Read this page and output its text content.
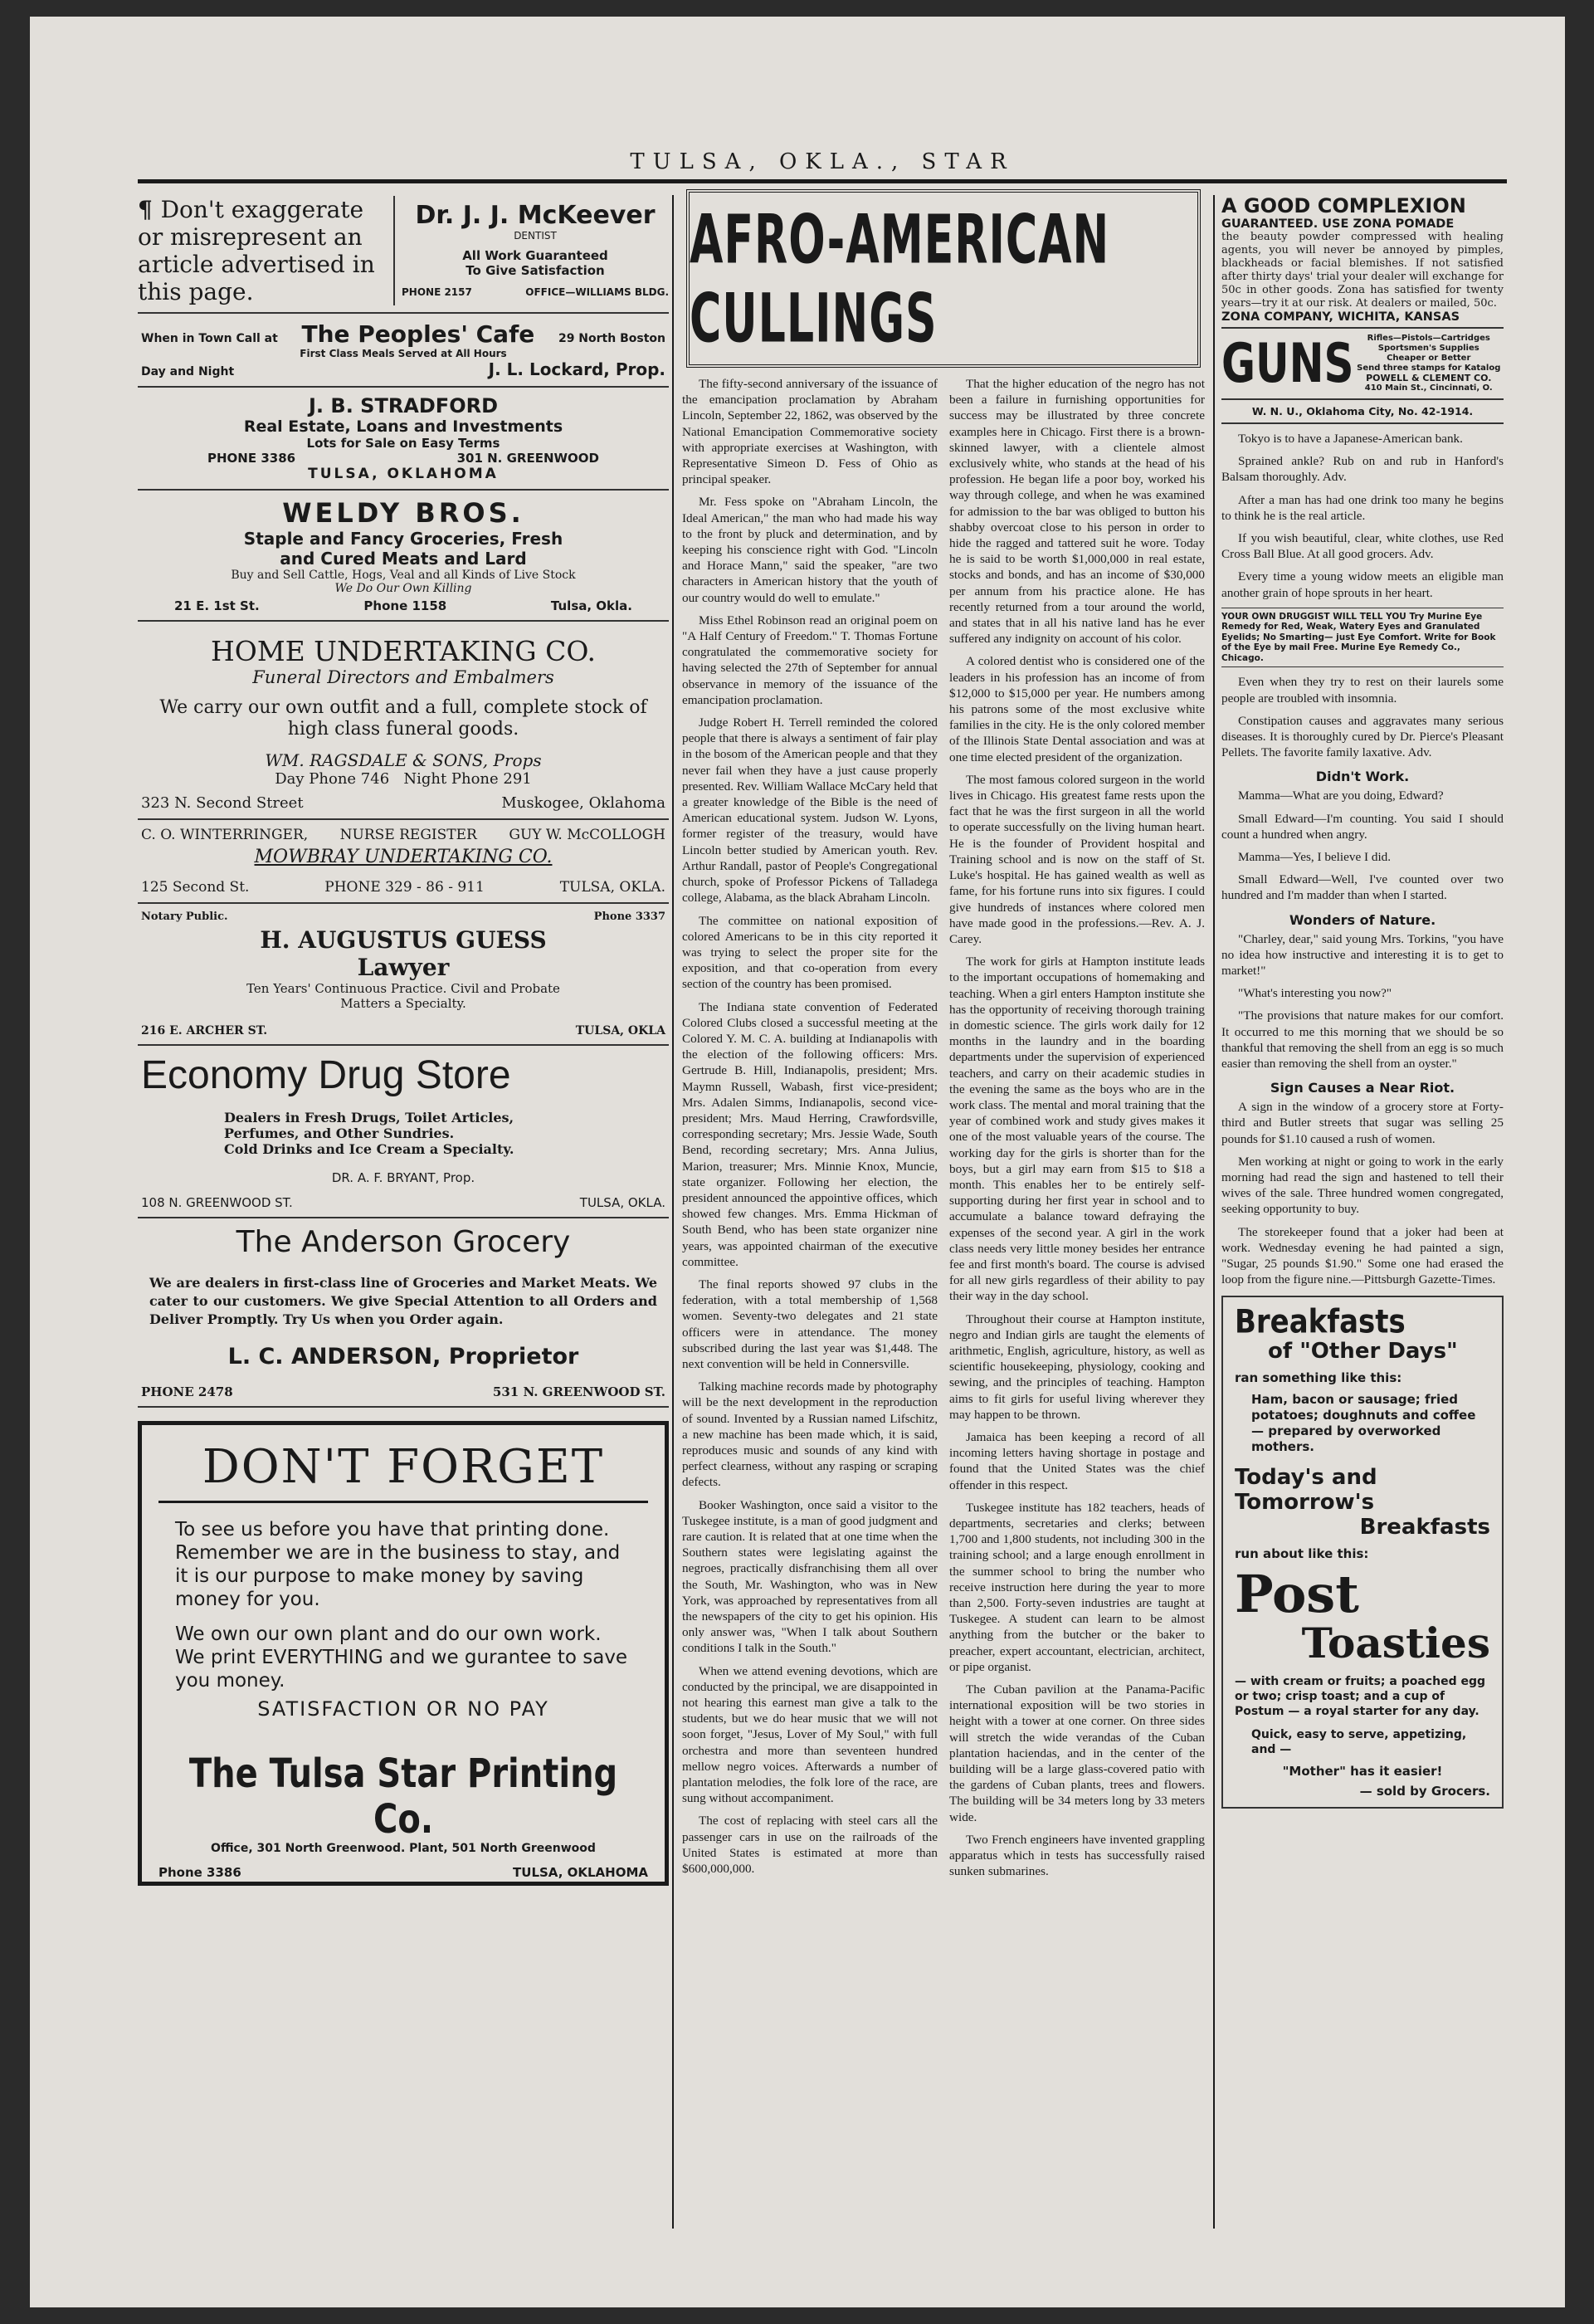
TULSA, OKLA., STAR
¶ Don't exaggerate or misrepresent an article advertised in this page.
Dr. J. J. McKeever
DENTIST
All Work Guaranteed
To Give Satisfaction
PHONE 2157	OFFICE—WILLIAMS BLDG.
When in Town Call at The Peoples' Cafe 29 North Boston
First Class Meals Served at All Hours
Day and Night	J. L. Lockard, Prop.
J. B. STRADFORD
Real Estate, Loans and Investments
Lots for Sale on Easy Terms
PHONE 3386	301 N. GREENWOOD
TULSA, OKLAHOMA
WELDY BROS.
Staple and Fancy Groceries, Fresh
and Cured Meats and Lard
Buy and Sell Cattle, Hogs, Veal and all Kinds of Live Stock
We Do Our Own Killing
21 E. 1st St.	Phone 1158	Tulsa, Okla.
HOME UNDERTAKING CO.
Funeral Directors and Embalmers
We carry our own outfit and a full, complete stock of high class funeral goods.
WM. RAGSDALE & SONS, Props
Day Phone 746   Night Phone 291
323 N. Second Street	Muskogee, Oklahoma
C. O. WINTERRINGER, NURSE REGISTER GUY W. McCOLLOGH
MOWBRAY UNDERTAKING CO.
125 Second St.	PHONE 329 - 86 - 911	TULSA, OKLA.
Notary Public.	Phone 3337
H. AUGUSTUS GUESS
Lawyer
Ten Years' Continuous Practice. Civil and Probate
Matters a Specialty.
216 E. ARCHER ST.	TULSA, OKLA
Economy Drug Store
Dealers in Fresh Drugs, Toilet Articles,
Perfumes, and Other Sundries.
Cold Drinks and Ice Cream a Specialty.
DR. A. F. BRYANT, Prop.
108 N. GREENWOOD ST.	TULSA, OKLA.
The Anderson Grocery
We are dealers in first-class line of Groceries and Market Meats. We cater to our customers. We give Special Attention to all Orders and Deliver Promptly. Try Us when you Order again.
L. C. ANDERSON, Proprietor
PHONE 2478	531 N. GREENWOOD ST.
DON'T FORGET
To see us before you have that printing done. Remember we are in the business to stay, and it is our purpose to make money by saving money for you.
We own our own plant and do our own work. We print EVERYTHING and we gurantee to save you money.
SATISFACTION OR NO PAY
The Tulsa Star Printing Co.
Office, 301 North Greenwood. Plant, 501 North Greenwood
Phone 3386	TULSA, OKLAHOMA
AFRO-AMERICAN CULLINGS

The fifty-second anniversary of the issuance of the emancipation proclamation by Abraham Lincoln, September 22, 1862, was observed by the National Emancipation Commemorative society with appropriate exercises at Washington, with Representative Simeon D. Fess of Ohio as principal speaker.

Mr. Fess spoke on "Abraham Lincoln, the Ideal American," the man who had made his way to the front by pluck and determination, and by keeping his conscience right with God. "Lincoln and Horace Mann," said the speaker, "are two characters in American history that the youth of our country would do well to emulate."

Miss Ethel Robinson read an original poem on "A Half Century of Freedom." T. Thomas Fortune congratulated the commemorative society for having selected the 27th of September for annual observance in memory of the issuance of the emancipation proclamation.

Judge Robert H. Terrell reminded the colored people that there is always a sentiment of fair play in the bosom of the American people and that they never fail when they have a just cause properly presented. Rev. William Wallace McCary held that a greater knowledge of the Bible is the need of American educational system. Judson W. Lyons, former register of the treasury, would have Lincoln better studied by American youth. Rev. Arthur Randall, pastor of People's Congregational church, spoke of Professor Pickens of Talladega college, Alabama, as the black Abraham Lincoln.

The committee on national exposition of colored Americans to be in this city reported it was trying to select the proper site for the exposition, and that co-operation from every section of the country has been promised.

The Indiana state convention of Federated Colored Clubs closed a successful meeting at the Colored Y. M. C. A. building at Indianapolis with the election of the following officers: Mrs. Gertrude B. Hill, Indianapolis, president; Mrs. Maymn Russell, Wabash, first vice-president; Mrs. Adalen Simms, Indianapolis, second vice-president; Mrs. Maud Herring, Crawfordsville, corresponding secretary; Mrs. Jessie Wade, South Bend, recording secretary; Mrs. Anna Julius, Marion, treasurer; Mrs. Minnie Knox, Muncie, state organizer. Following her election, the president announced the appointive offices, which showed few changes. Mrs. Emma Hickman of South Bend, who has been state organizer nine years, was appointed chairman of the executive committee.

The final reports showed 97 clubs in the federation, with a total membership of 1,568 women. Seventy-two delegates and 21 state officers were in attendance. The money subscribed during the last year was $1,448. The next convention will be held in Connersville.

Talking machine records made by photography will be the next development in the reproduction of sound. Invented by a Russian named Lifschitz, a new machine has been made which, it is said, reproduces music and sounds of any kind with perfect clearness, without any rasping or scraping defects.

Booker Washington, once said a visitor to the Tuskegee institute, is a man of good judgment and rare caution. It is related that at one time when the Southern states were legislating against the negroes, practically disfranchising them all over the South, Mr. Washington, who was in New York, was approached by representatives from all the newspapers of the city to get his opinion. His only answer was, "When I talk about Southern conditions I talk in the South."

When we attend evening devotions, which are conducted by the principal, we are disappointed in not hearing this earnest man give a talk to the students, but we do hear music that we will not soon forget, "Jesus, Lover of My Soul," with full orchestra and more than seventeen hundred mellow negro voices. Afterwards a number of plantation melodies, the folk lore of the race, are sung without accompaniment.

The cost of replacing with steel cars all the passenger cars in use on the railroads of the United States is estimated at more than $600,000,000.

That the higher education of the negro has not been a failure in furnishing opportunities for success may be illustrated by three concrete examples here in Chicago. First there is a brown-skinned lawyer, with a clientele almost exclusively white, who stands at the head of his profession. He began life a poor boy, worked his way through college, and when he was examined for admission to the bar was obliged to button his shabby overcoat close to his person in order to hide the ragged and tattered suit he wore. Today he is said to be worth $1,000,000 in real estate, stocks and bonds, and has an income of $30,000 per annum from his practice alone. He has recently returned from a tour around the world, and states that in all his native land has he ever suffered any indignity on account of his color.

A colored dentist who is considered one of the leaders in his profession has an income of from $12,000 to $15,000 per year. He numbers among his patrons some of the most exclusive white families in the city. He is the only colored member of the Illinois State Dental association and was at one time elected president of the organization.

The most famous colored surgeon in the world lives in Chicago. His greatest fame rests upon the fact that he was the first surgeon in all the world to operate successfully on the living human heart. He is the founder of Provident hospital and Training school and is now on the staff of St. Luke's hospital. He has gained wealth as well as fame, for his fortune runs into six figures. I could give hundreds of instances where colored men have made good in the professions.—Rev. A. J. Carey.

The work for girls at Hampton institute leads to the important occupations of homemaking and teaching. When a girl enters Hampton institute she has the opportunity of receiving thorough training in domestic science. The girls work daily for 12 months in the laundry and in the boarding departments under the supervision of experienced teachers, and carry on their academic studies in the evening the same as the boys who are in the work class. The mental and moral training that the year of combined work and study gives makes it one of the most valuable years of the course. The working day for the girls is shorter than for the boys, but a girl may earn from $15 to $18 a month. This enables her to be entirely self-supporting during her first year in school and to accumulate a balance toward defraying the expenses of the second year. A girl in the work class needs very little money besides her entrance fee and first month's board. The course is advised for all new girls regardless of their ability to pay their way in the day school.

Throughout their course at Hampton institute, negro and Indian girls are taught the elements of arithmetic, English, agriculture, history, as well as scientific housekeeping, physiology, cooking and sewing, and the principles of teaching. Hampton aims to fit girls for useful living wherever they may happen to be thrown.

Jamaica has been keeping a record of all incoming letters having shortage in postage and found that the United States was the chief offender in this respect.

Tuskegee institute has 182 teachers, heads of departments, secretaries and clerks; between 1,700 and 1,800 students, not including 300 in the training school; and a large enough enrollment in the summer school to bring the number who receive instruction here during the year to more than 2,500. Forty-seven industries are taught at Tuskegee. A student can learn to be almost anything from the butcher or the baker to preacher, expert accountant, electrician, architect, or pipe organist.

The Cuban pavilion at the Panama-Pacific international exposition will be two stories in height with a tower at one corner. On three sides will stretch the wide verandas of the Cuban plantation haciendas, and in the center of the building will be a large glass-covered patio with the gardens of Cuban plants, trees and flowers. The building will be 34 meters long by 33 meters wide.

Two French engineers have invented grappling apparatus which in tests has successfully raised sunken submarines.

A GOOD COMPLEXION
GUARANTEED. USE ZONA POMADE
the beauty powder compressed with healing agents, you will never be annoyed by pimples, blackheads or facial blemishes. If not satisfied after thirty days' trial your dealer will exchange for 50c in other goods. Zona has satisfied for twenty years—try it at our risk. At dealers or mailed, 50c.
ZONA COMPANY, WICHITA, KANSAS
GUNS	Rifles—Pistols—Cartridges
Sportsmen's Supplies
Cheaper or Better
Send three stamps for Katalog
POWELL & CLEMENT CO.
410 Main St., Cincinnati, O.
W. N. U., Oklahoma City, No. 42-1914.

Tokyo is to have a Japanese-American bank.

Sprained ankle? Rub on and rub in Hanford's Balsam thoroughly. Adv.

After a man has had one drink too many he begins to think he is the real article.

If you wish beautiful, clear, white clothes, use Red Cross Ball Blue. At all good grocers. Adv.

Every time a young widow meets an eligible man another grain of hope sprouts in her heart.

YOUR OWN DRUGGIST WILL TELL YOU Try Murine Eye Remedy for Red, Weak, Watery Eyes and Granulated Eyelids; No Smarting— just Eye Comfort. Write for Book of the Eye by mail Free. Murine Eye Remedy Co., Chicago.

Even when they try to rest on their laurels some people are troubled with insomnia.

Constipation causes and aggravates many serious diseases. It is thoroughly cured by Dr. Pierce's Pleasant Pellets. The favorite family laxative. Adv.

Didn't Work.

Mamma—What are you doing, Edward?

Small Edward—I'm counting. You said I should count a hundred when angry.

Mamma—Yes, I believe I did.

Small Edward—Well, I've counted over two hundred and I'm madder than when I started.

Wonders of Nature.

"Charley, dear," said young Mrs. Torkins, "you have no idea how instructive and interesting it is to get to market!"

"What's interesting you now?"

"The provisions that nature makes for our comfort. It occurred to me this morning that we should be so thankful that removing the shell from an egg is so much easier than removing the shell from an oyster."

Sign Causes a Near Riot.

A sign in the window of a grocery store at Forty-third and Butler streets that sugar was selling 25 pounds for $1.10 caused a rush of women.

Men working at night or going to work in the early morning had read the sign and hastened to tell their wives of the sale. Three hundred women congregated, seeking opportunity to buy.

The storekeeper found that a joker had been at work. Wednesday evening he had painted a sign, "Sugar, 25 pounds $1.90." Some one had erased the loop from the figure nine.—Pittsburgh Gazette-Times.

Breakfasts
of "Other Days"
ran something like this:
Ham, bacon or sausage; fried potatoes; doughnuts and coffee — prepared by overworked mothers.
Today's and
Tomorrow's
Breakfasts
run about like this:
Post
Toasties
— with cream or fruits; a poached egg or two; crisp toast; and a cup of Postum — a royal starter for any day.
Quick, easy to serve, appetizing, and —
"Mother" has it easier!
— sold by Grocers.
